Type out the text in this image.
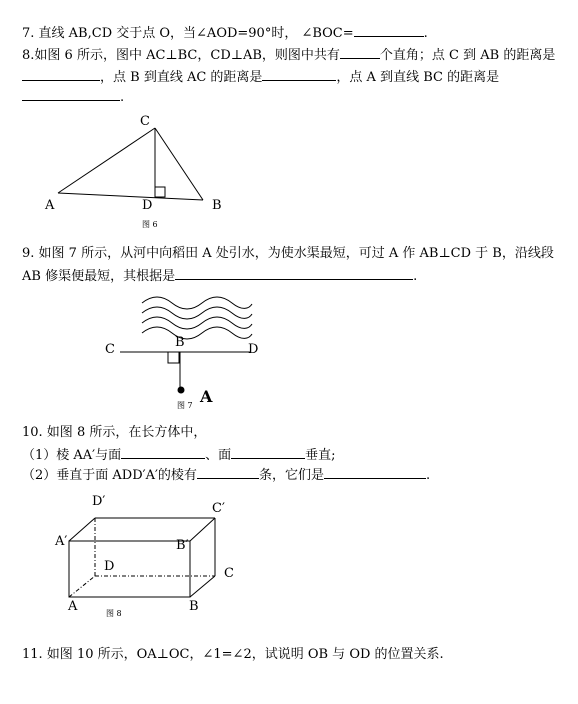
7. 直线 AB,CD 交于点 O，当∠AOD=90°时， ∠BOC=	.
8.如图 6 所示，图中 AC⊥BC，CD⊥AB，则图中共有	个直角；点 C 到 AB 的距离是
，点 B 到直线 AC 的距离是	，点 A 到直线 BC 的距离是
.
9. 如图 7 所示，从河中向稻田 A 处引水，为使水渠最短，可过 A 作 AB⊥CD 于 B，沿线段
AB 修渠便最短，其根据是	.
10. 如图 8 所示，在长方体中，
（1）棱 AA′与面	、面	垂直;
（2）垂直于面 ADD′A′的棱有	条，它们是	.
11. 如图 10 所示，OA⊥OC，∠1=∠2，试说明 OB 与 OD 的位置关系.
C
A	D	B
图 6
C	B	D
A
图 7
D′	C′
A′	B′
D	C
A	B
图 8
